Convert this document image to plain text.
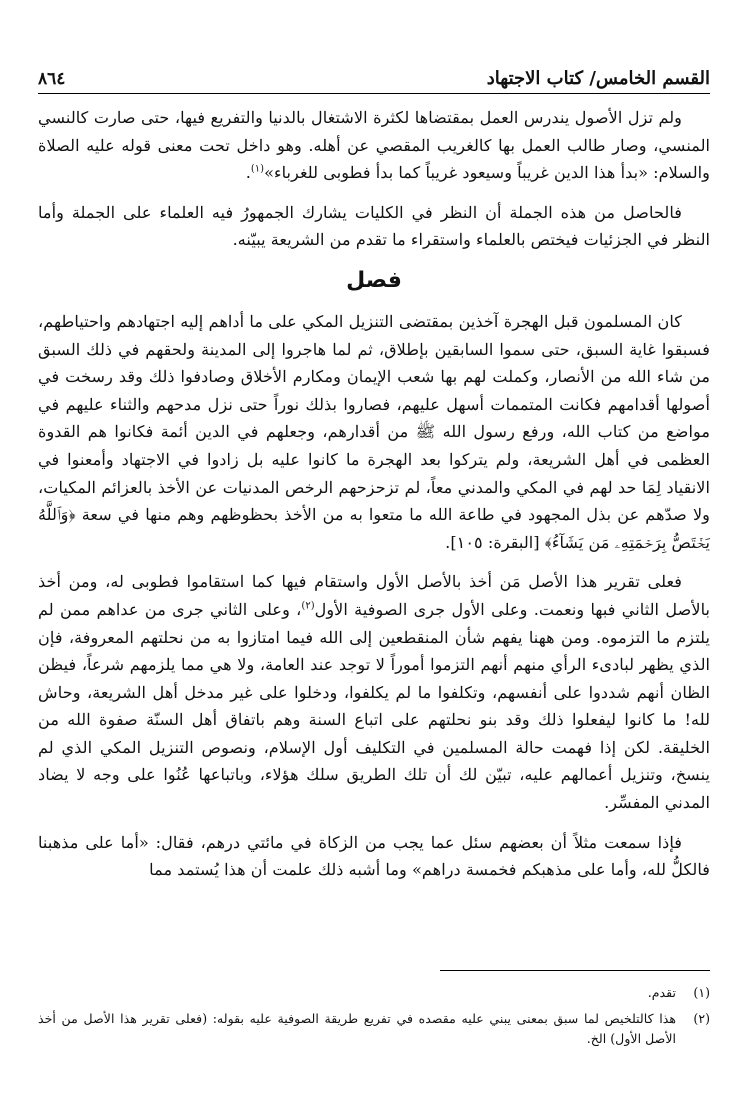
القسم الخامس/ كتاب الاجتهاد
٨٦٤

ولم تزل الأصول يندرس العمل بمقتضاها لكثرة الاشتغال بالدنيا والتفريع فيها، حتى صارت كالنسي المنسي، وصار طالب العمل بها كالغريب المقصي عن أهله. وهو داخل تحت معنى قوله عليه الصلاة والسلام: «بدأ هذا الدين غريباً وسيعود غريباً كما بدأ فطوبى للغرباء»$^{(١)}$.

فالحاصل من هذه الجملة أن النظر في الكليات يشارك الجمهورُ فيه العلماء على الجملة وأما النظر في الجزئيات فيختص بالعلماء واستقراء ما تقدم من الشريعة يبيّنه.

فصل

كان المسلمون قبل الهجرة آخذين بمقتضى التنزيل المكي على ما أداهم إليه اجتهادهم واحتياطهم، فسبقوا غاية السبق، حتى سموا السابقين بإطلاق، ثم لما هاجروا إلى المدينة ولحقهم في ذلك السبق من شاء الله من الأنصار، وكملت لهم بها شعب الإيمان ومكارم الأخلاق وصادفوا ذلك وقد رسخت في أصولها أقدامهم فكانت المتممات أسهل عليهم، فصاروا بذلك نوراً حتى نزل مدحهم والثناء عليهم في مواضع من كتاب الله، ورفع رسول الله ﷺ من أقدارهم، وجعلهم في الدين أئمة فكانوا هم القدوة العظمى في أهل الشريعة، ولم يتركوا بعد الهجرة ما كانوا عليه بل زادوا في الاجتهاد وأمعنوا في الانقياد لِمَا حد لهم في المكي والمدني معاً، لم تزحزحهم الرخص المدنيات عن الأخذ بالعزائم المكيات، ولا صدّهم عن بذل المجهود في طاعة الله ما متعوا به من الأخذ بحظوظهم وهم منها في سعة ﴿وَٱللَّهُ يَخۡتَصُّ بِرَحۡمَتِهِۦ مَن يَشَآءُ﴾ [البقرة: ١٠٥].

فعلى تقرير هذا الأصل مَن أخذ بالأصل الأول واستقام فيها كما استقاموا فطوبى له، ومن أخذ بالأصل الثاني فبها ونعمت. وعلى الأول جرى الصوفية الأول$^{(٢)}$، وعلى الثاني جرى من عداهم ممن لم يلتزم ما التزموه. ومن ههنا يفهم شأن المنقطعين إلى الله فيما امتازوا به من نحلتهم المعروفة، فإن الذي يظهر لبادىء الرأي منهم أنهم التزموا أموراً لا توجد عند العامة، ولا هي مما يلزمهم شرعاً، فيظن الظان أنهم شددوا على أنفسهم، وتكلفوا ما لم يكلفوا، ودخلوا على غير مدخل أهل الشريعة، وحاش لله! ما كانوا ليفعلوا ذلك وقد بنو نحلتهم على اتباع السنة وهم باتفاق أهل السنّة صفوة الله من الخليقة. لكن إذا فهمت حالة المسلمين في التكليف أول الإسلام، ونصوص التنزيل المكي الذي لم ينسخ، وتنزيل أعمالهم عليه، تبيّن لك أن تلك الطريق سلك هؤلاء، وباتباعها عُنُوا على وجه لا يضاد المدني المفسِّر.

فإذا سمعت مثلاً أن بعضهم سئل عما يجب من الزكاة في مائتي درهم، فقال: «أما على مذهبنا فالكلُّ لله، وأما على مذهبكم فخمسة دراهم» وما أشبه ذلك علمت أن هذا يُستمد مما

(١)
تقدم.
(٢)
هذا كالتلخيص لما سبق بمعنى يبني عليه مقصده في تفريع طريقة الصوفية عليه بقوله: (فعلى تقرير هذا الأصل من أخذ الأصل الأول) الخ.
